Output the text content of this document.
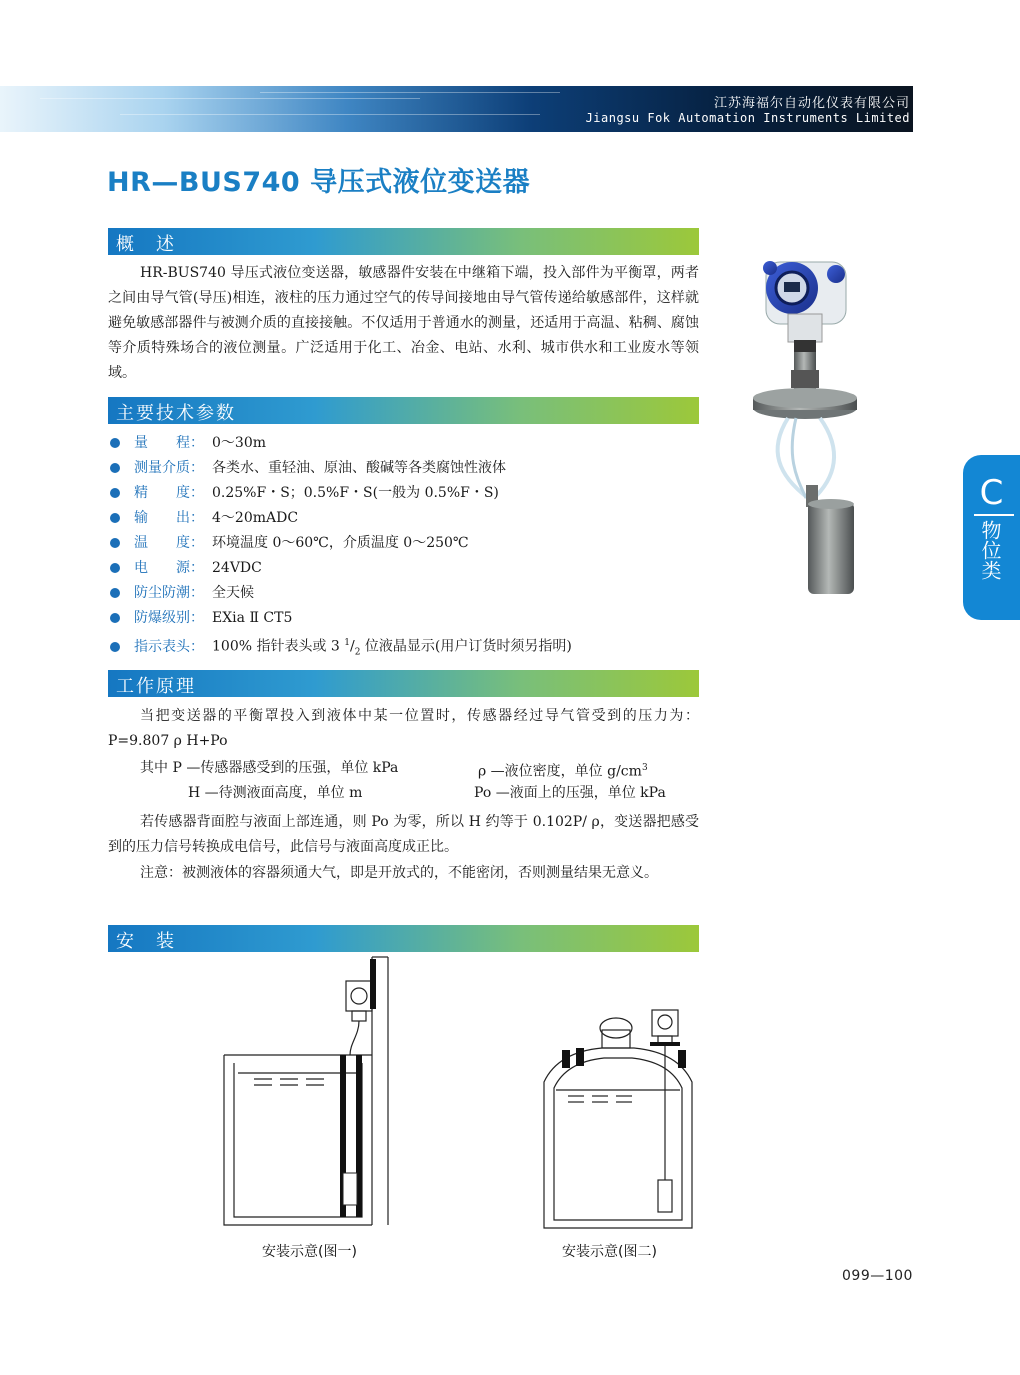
江苏海福尔自动化仪表有限公司
Jiangsu Fok Automation Instruments Limited
HR—BUS740 导压式液位变送器
概　述
HR-BUS740 导压式液位变送器，敏感器件安装在中继箱下端，投入部件为平衡罩，两者之间由导气管(导压)相连，液柱的压力通过空气的传导间接地由导气管传递给敏感部件，这样就避免敏感部器件与被测介质的直接接触。不仅适用于普通水的测量，还适用于高温、粘稠、腐蚀等介质特殊场合的液位测量。广泛适用于化工、冶金、电站、水利、城市供水和工业废水等领域。
主要技术参数
量　　程： 0～30m
测量介质： 各类水、重轻油、原油、酸碱等各类腐蚀性液体
精　　度： 0.25%F・S；0.5%F・S(一般为 0.5%F・S)
输　　出： 4～20mADC
温　　度： 环境温度 0～60℃，介质温度 0～250℃
电　　源： 24VDC
防尘防潮： 全天候
防爆级别： EXia Ⅱ CT5
指示表头： 100% 指针表头或 3 $^1/_2$ 位液晶显示(用户订货时须另指明)
C
物位类
工作原理
当把变送器的平衡罩投入到液体中某一位置时，传感器经过导气管受到的压力为：P=9.807 ρ H+Po
其中 P —传感器感受到的压强，单位 kPa	ρ —液位密度，单位 $g/cm^3$
H —待测液面高度，单位 m	Po —液面上的压强，单位 kPa
若传感器背面腔与液面上部连通，则 Po 为零，所以 H 约等于 0.102P/ ρ，变送器把感受到的压力信号转换成电信号，此信号与液面高度成正比。
注意：被测液体的容器须通大气，即是开放式的，不能密闭，否则测量结果无意义。
安　装
安装示意(图一)	安装示意(图二)
099—100
